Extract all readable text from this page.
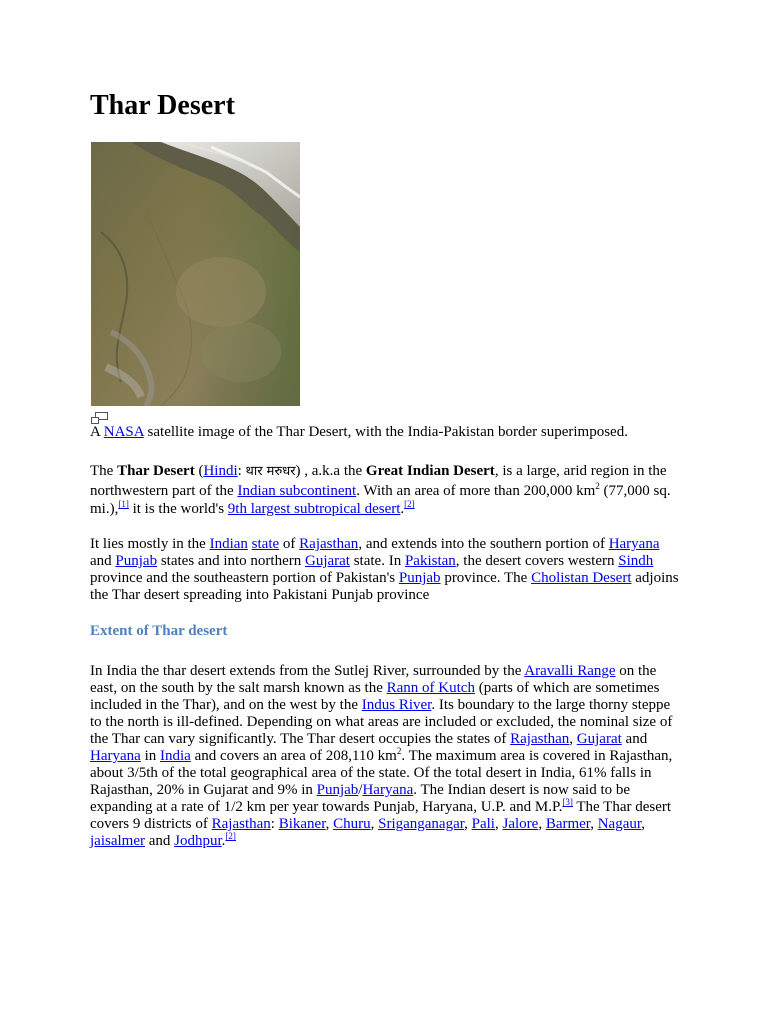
Thar Desert
A NASA satellite image of the Thar Desert, with the India-Pakistan border superimposed.

The Thar Desert (Hindi: थार मरुधर) , a.k.a the Great Indian Desert, is a large, arid region in the northwestern part of the Indian subcontinent. With an area of more than 200,000 $km^2$ (77,000 sq. mi.),[1] it is the world's 9th largest subtropical desert.[2]

It lies mostly in the Indian state of Rajasthan, and extends into the southern portion of Haryana and Punjab states and into northern Gujarat state. In Pakistan, the desert covers western Sindh province and the southeastern portion of Pakistan's Punjab province. The Cholistan Desert adjoins the Thar desert spreading into Pakistani Punjab province

Extent of Thar desert

In India the thar desert extends from the Sutlej River, surrounded by the Aravalli Range on the east, on the south by the salt marsh known as the Rann of Kutch (parts of which are sometimes included in the Thar), and on the west by the Indus River. Its boundary to the large thorny steppe to the north is ill-defined. Depending on what areas are included or excluded, the nominal size of the Thar can vary significantly. The Thar desert occupies the states of Rajasthan, Gujarat and Haryana in India and covers an area of 208,110 $km^2$. The maximum area is covered in Rajasthan, about 3/5th of the total geographical area of the state. Of the total desert in India, 61% falls in Rajasthan, 20% in Gujarat and 9% in Punjab/Haryana. The Indian desert is now said to be expanding at a rate of 1/2 km per year towards Punjab, Haryana, U.P. and M.P.[3] The Thar desert covers 9 districts of Rajasthan: Bikaner, Churu, Sriganganagar, Pali, Jalore, Barmer, Nagaur, jaisalmer and Jodhpur.[2]
